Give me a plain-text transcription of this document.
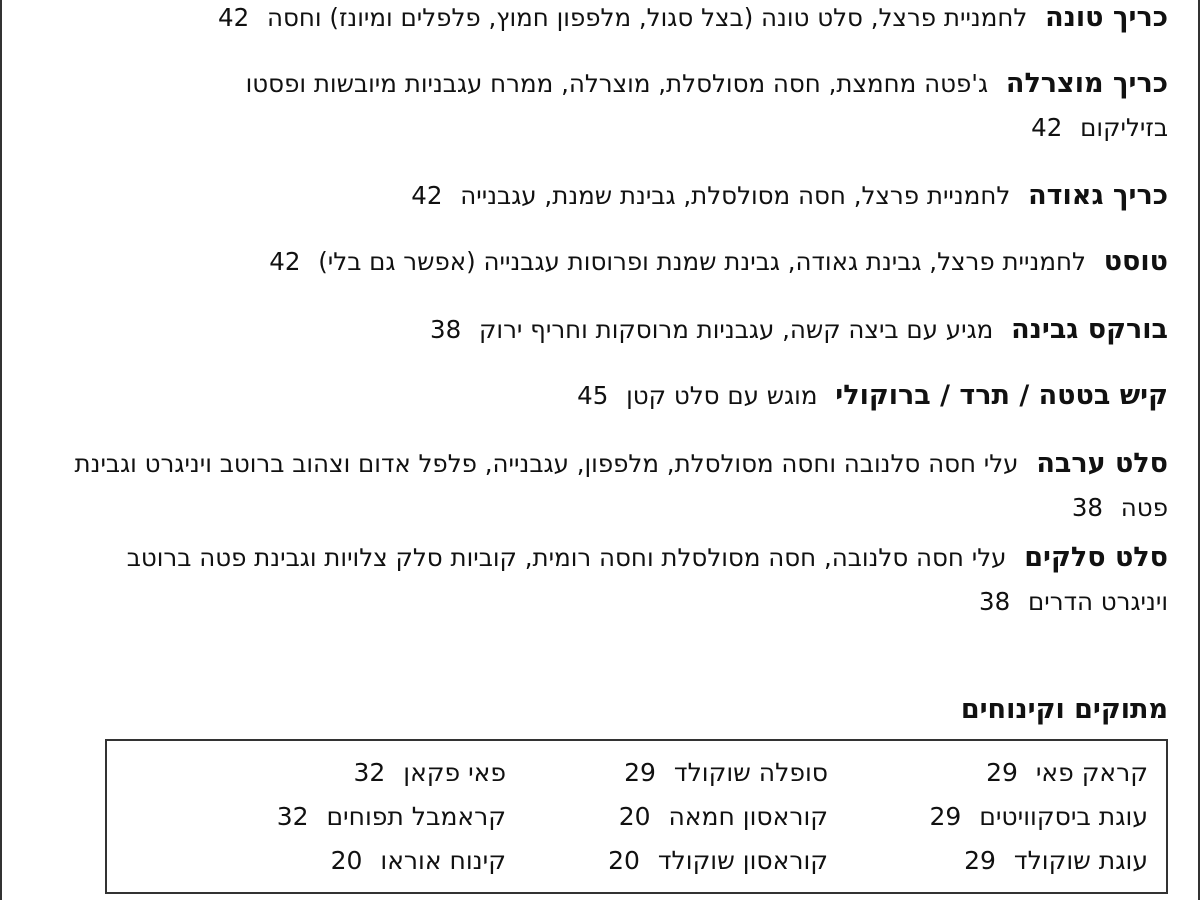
כריך טונה לחמניית פרצל, סלט טונה (בצל סגול, מלפפון חמוץ, פלפלים ומיונז) וחסה 42
כריך מוצרלה ג'פטה מחמצת, חסה מסולסלת, מוצרלה, ממרח עגבניות מיובשות ופסטו בזיליקום 42
כריך גאודה לחמניית פרצל, חסה מסולסלת, גבינת שמנת, עגבנייה 42
טוסט לחמניית פרצל, גבינת גאודה, גבינת שמנת ופרוסות עגבנייה (אפשר גם בלי) 42
בורקס גבינה מגיע עם ביצה קשה, עגבניות מרוסקות וחריף ירוק 38
קיש בטטה / תרד / ברוקולי מוגש עם סלט קטן 45
סלט ערבה עלי חסה סלנובה וחסה מסולסלת, מלפפון, עגבנייה, פלפל אדום וצהוב ברוטב ויניגרט וגבינת פטה 38
סלט סלקים עלי חסה סלנובה, חסה מסולסלת וחסה רומית, קוביות סלק צלויות וגבינת פטה ברוטב ויניגרט הדרים 38
מתוקים וקינוחים
קראק פאי 29
עוגת ביסקוויטים 29
עוגת שוקולד 29
סופלה שוקולד 29
קוראסון חמאה 20
קוראסון שוקולד 20
פאי פקאן 32
קראמבל תפוחים 32
קינוח אוראו 20
